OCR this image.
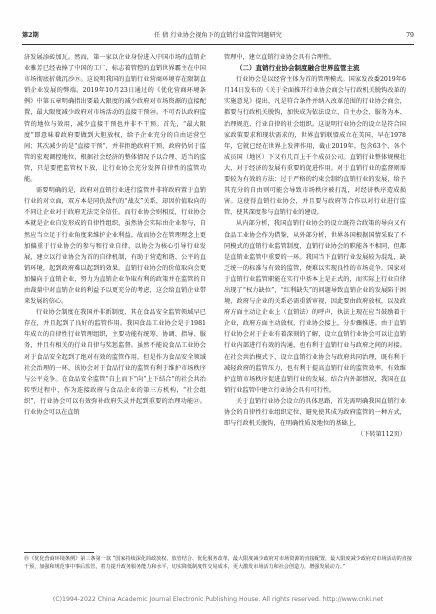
第2期	任 倩 行业协会视角下的直销行业监管问题研究	79

济发展添砖加瓦。然而，第一家以企业身份进入中国市场的直销企业雅芳已经表捧了中国的工厂，标志着管控的直销世界霸主在中国市场彻底折戟沉沙⑲。这说明我国的直销行业营商环境存在限制直销企业发展的弊端。2019年10月23日通过的《优化营商环境条例》中第五章明确指出要最大限度的减少政府对市场资源的直接配置，最大限度减少政府对市场活动的直接干预⑳。不可否认政府监管的地位与效用，减少直接干预也并非不干预。首先，“最大限度”即意味着政府要做到大胆放权，给予企业充分的自由运营空间；其次减少的是“直接干预”，并非拒绝政府干预，政府仍居于监管的宏观调控地位，根据社会经济的整体情况予以合理、适当的监管，只是要把监管权下放，让行业协会充分发挥自律性的监管功能。

需要明确的是，政府对直销行业进行监管并非将政府置于直销行业的对立面，双方本是同仇敌忾的“战友”关系，却因价值取向的不同让企业对于政府无法完全信任。而行业协会则相反，行业协会本就是企业自发形成的自律性组织，虽然协会实际由企业参与，自然应当立足于行业角度来维护企业利益。故而协会在管理理念上更加偏重于行业协会的参与和行业自律，以协会为核心引导行业发展，建立以行业协会为首的自律机制，有助于营造和谐、公平的直销环境，起到政府难以起到的效果。直销行业协会的价值取向会更加偏向于直销企业，努力为直销企业争取有利的政策并在监管的自由裁量中对直销企业的利益予以更充分的考虑，这会给直销企业带来发展的信心。

行业协会制度在我国并非新制度，其在食品安全监管领域早已存在，并且起到了良好的监管作用。我国食品工业协会是于1981年成立的自律性行业管理组织，主要功能有统筹、协调、指导、服务，并且有相关的行业自律与奖惩监督。虽然不能说食品工业协会对于食品安全起到了绝对有效的监管作用，但是作为食品安全领域社会治理的一环，该协会对于食品行业的监管有利于维护市场秩序与公平竞争。在食品安全监管“自上而下”向“上下结合”的社会共治转型过程中，作为连接政府与食品企业的第三方机构，“社会组织”，行业协会可以有效弥补政府失灵并起到重要的治理功能㉑。行业协会可以在直销

管理中，建立直销行业协会具有合理性。

（二）直销行业协会制度融合世界监管主流

行业协会是以经营主体为首的管理模式。国家发改委2019年6月14日发布的《关于全面推开行业协会商会与行政机关脱钩改革的实施意见》提出，凡是符合条件并纳入改革范围的行业协会商会，都要与行政机关脱钩，加快成为依法设立、自主办会、服务为本、治理规范、行业自律的社会组织。这说明行业协会的设立是符合国家政策要求和现状需求的，世界直销联盟成立在美国，早在1978年，它就已经在世界上发挥作用，截止2019年，包含63个、各个成员国（地区）下又有几百上千个成员公司。直销行业整体规模壮大，对于经济的发展有重要的促进作用。对于直销行业的监督则需要较为有效的方法：过于严格的约束会制约直销行业的发展，给予其充分的自由则可能会导致市场秩序被打乱，对经济秩序造成损害。这使得直销行业协会，并且要与政府等合作以对行业进行监管，使其深度参与直销行业的建设。

从内部分析，我国直销行业协会的设立既符合政策的导向又有食品工业协会作为借鉴，从外部分析，世界各国根据国情采取了不同模式的直销行业监管制度，直销行业协会的职能各不相同，但都是直销业监管中重要的一环。我国当下直销行业发展较为混乱，缺乏统一的标准与有效的监管，便难以实现良性的市场竞争。国家对于直销行业监管职能在实行中基本上是正式的，而实际上行业自律出现了“权力缺位”，“红利缺失”的问题导致直销企业的发展陷于困境，政府与企业的关系必需重新审视，因此要由政府放权，以及政府方面主动让企业上（直销法）的呼声，执法上现在应当鼓励着于企业，政府方面主动放权，行业协会接上，分步骤推进。由于直销行业协会对于企业有着深刻的了解，设立直销行业协会可以让直销行业内部进行有效的沟通，也有利于直销行业与政府之间的对接。在社会共治模式下，设立直销行业协会与政府共同治理，既有利于减轻政府的监管压力，也有利于提高直销行业的监管效率，有效维护直销市场秩序促进直销行业的发展。结合内外部情况，我国在直销行业监管中建立行业协会具有可行性。

关于直销行业协会设立的具体思路，首先需明确我国直销行业协会的自律性行业组织定位，避免使其成为政府监管的一种方式，即与行政机关脱钩，在明确性质及地位的基础上，

（下转第112页）

⑲《优化营商环境条例》第三条第一款 “国家持续深化简政放权、放管结合、优化服务改革，最大限度减少政府对市场资源的直接配置，最大限度减少政府对市场活动的直接干预，加强和规范事中事后监管，着力提升政务服务能力和水平，切实降低制度性交易成本，更大激发市场活力和社会创造力，增强发展动力。”
(C)1994-2022 China Academic Journal Electronic Publishing House. All rights reserved. http://www.cnki.net
